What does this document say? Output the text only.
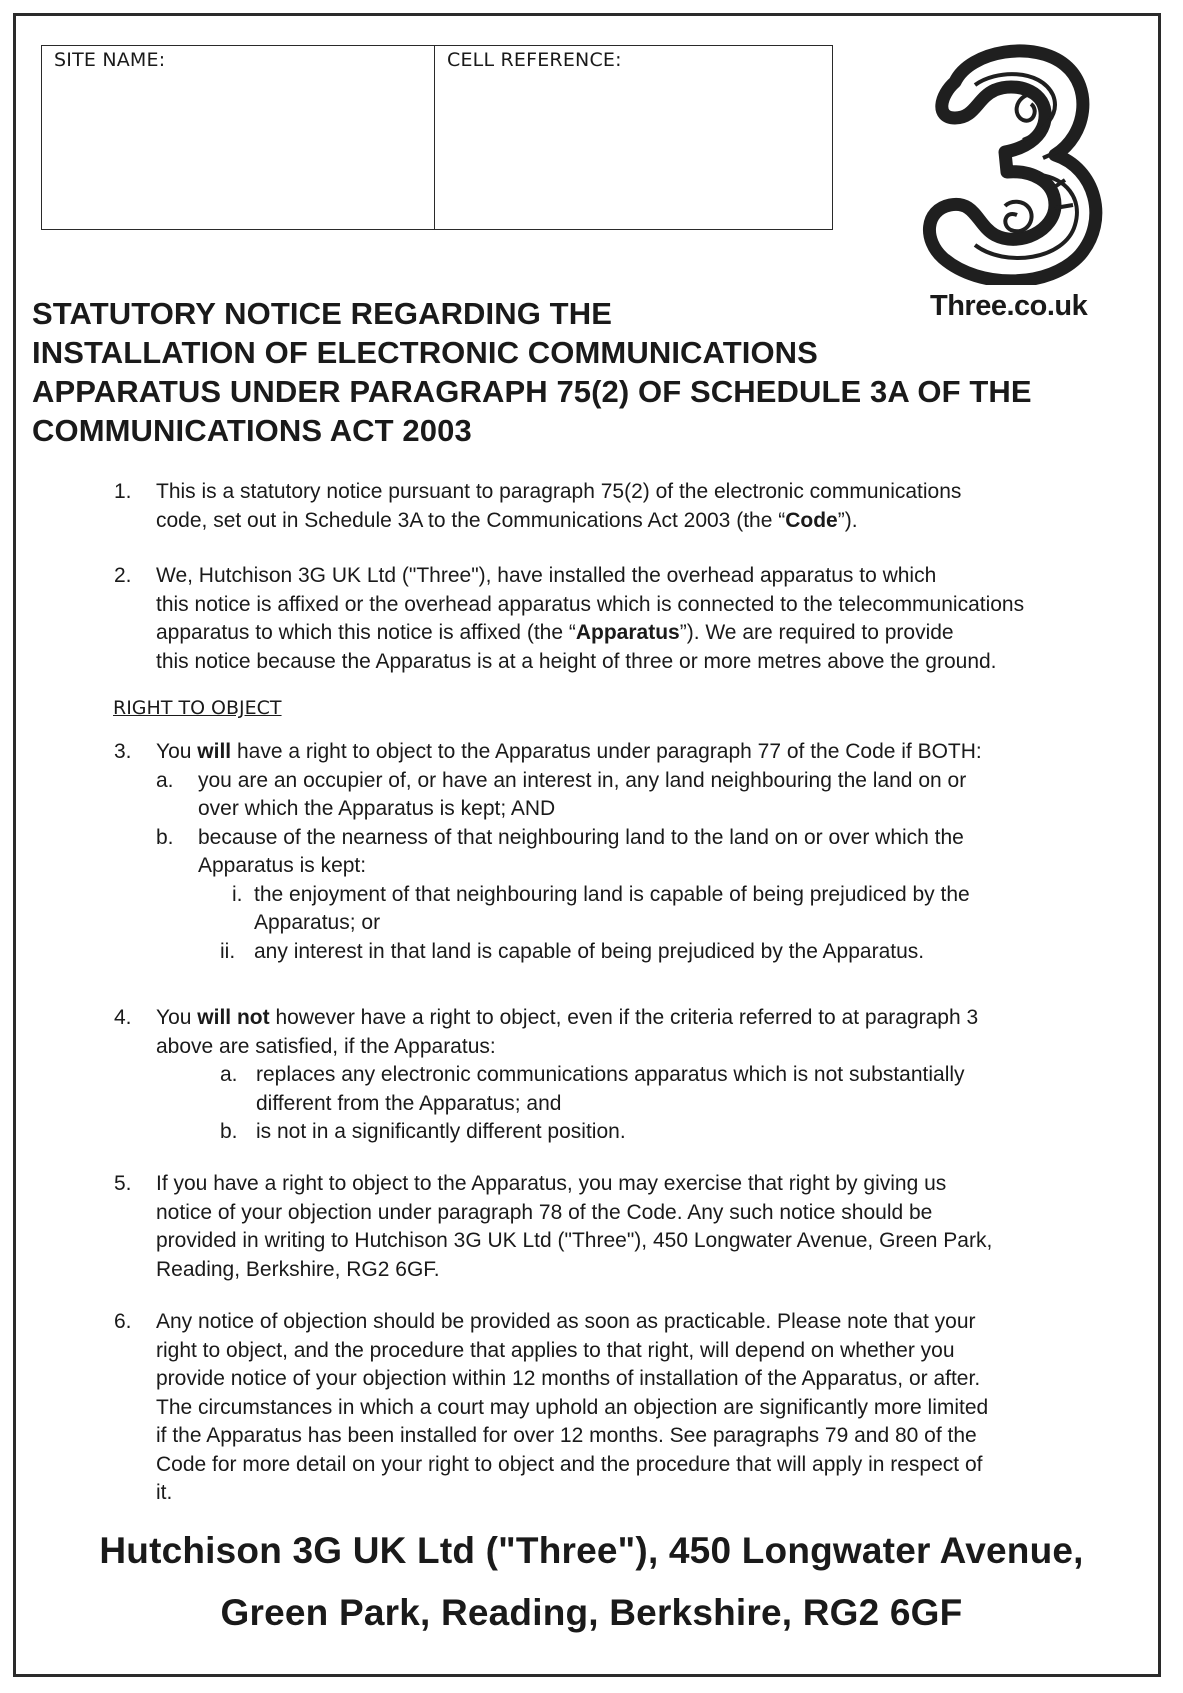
SITE NAME:	CELL REFERENCE:
Three.co.uk
STATUTORY NOTICE REGARDING THE
INSTALLATION OF ELECTRONIC COMMUNICATIONS
APPARATUS UNDER PARAGRAPH 75(2) OF SCHEDULE 3A OF THE
COMMUNICATIONS ACT 2003
1. This is a statutory notice pursuant to paragraph 75(2) of the electronic communications
code, set out in Schedule 3A to the Communications Act 2003 (the “Code”).
2. We, Hutchison 3G UK Ltd ("Three"), have installed the overhead apparatus to which
this notice is affixed or the overhead apparatus which is connected to the telecommunications
apparatus to which this notice is affixed (the “Apparatus”). We are required to provide
this notice because the Apparatus is at a height of three or more metres above the ground.
RIGHT TO OBJECT
3. You will have a right to object to the Apparatus under paragraph 77 of the Code if BOTH:
a. you are an occupier of, or have an interest in, any land neighbouring the land on or
over which the Apparatus is kept; AND
b. because of the nearness of that neighbouring land to the land on or over which the
Apparatus is kept:
i. the enjoyment of that neighbouring land is capable of being prejudiced by the
Apparatus; or
ii. any interest in that land is capable of being prejudiced by the Apparatus.
4. You will not however have a right to object, even if the criteria referred to at paragraph 3
above are satisfied, if the Apparatus:
a. replaces any electronic communications apparatus which is not substantially
different from the Apparatus; and
b. is not in a significantly different position.
5. If you have a right to object to the Apparatus, you may exercise that right by giving us
notice of your objection under paragraph 78 of the Code. Any such notice should be
provided in writing to Hutchison 3G UK Ltd ("Three"), 450 Longwater Avenue, Green Park,
Reading, Berkshire, RG2 6GF.
6. Any notice of objection should be provided as soon as practicable. Please note that your
right to object, and the procedure that applies to that right, will depend on whether you
provide notice of your objection within 12 months of installation of the Apparatus, or after.
The circumstances in which a court may uphold an objection are significantly more limited
if the Apparatus has been installed for over 12 months. See paragraphs 79 and 80 of the
Code for more detail on your right to object and the procedure that will apply in respect of
it.
Hutchison 3G UK Ltd ("Three"), 450 Longwater Avenue,
Green Park, Reading, Berkshire, RG2 6GF
